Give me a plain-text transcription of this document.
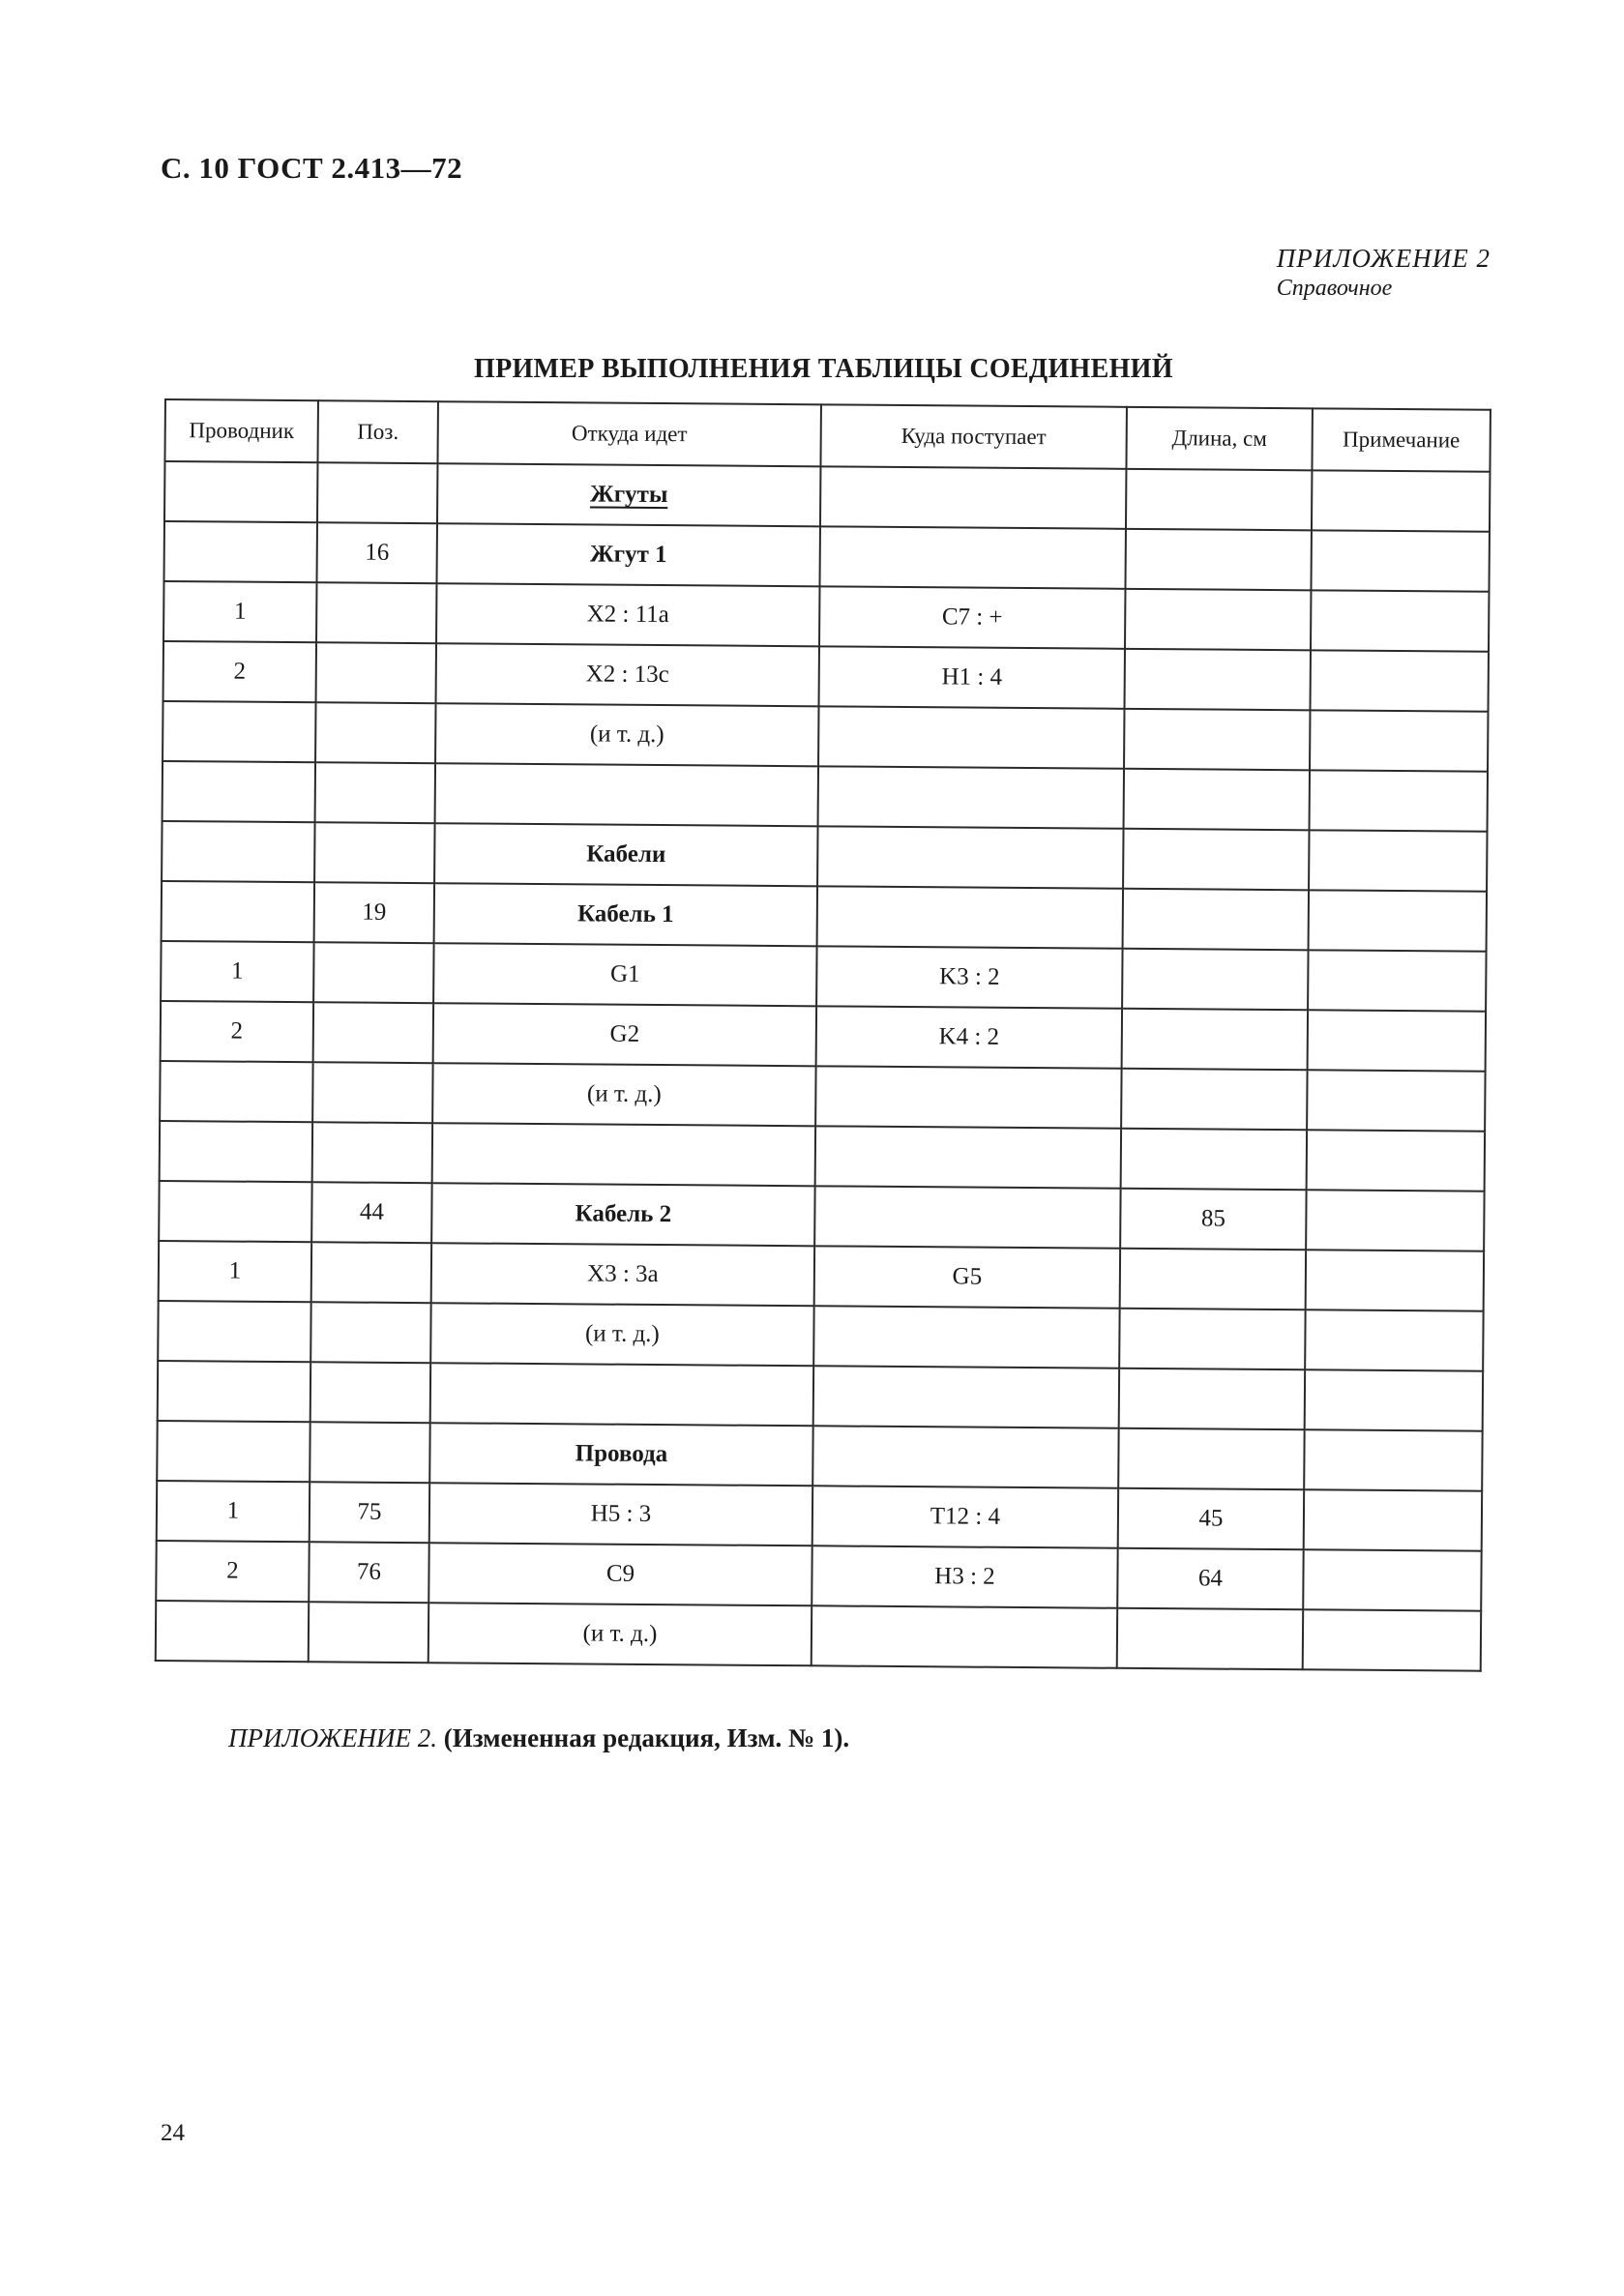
С. 10 ГОСТ 2.413—72
ПРИЛОЖЕНИЕ 2
Справочное
ПРИМЕР ВЫПОЛНЕНИЯ ТАБЛИЦЫ СОЕДИНЕНИЙ
Проводник	Поз.	Откуда идет	Куда поступает	Длина, см	Примечание
		Жгуты			
	16	Жгут 1			
1		X2 : 11a	C7 : +		
2		X2 : 13c	H1 : 4		
		(и т. д.)			

		Кабели			
	19	Кабель 1			
1		G1	K3 : 2		
2		G2	K4 : 2		
		(и т. д.)			

	44	Кабель 2		85	
1		X3 : 3a	G5		
		(и т. д.)			

		Провода			
1	75	H5 : 3	T12 : 4	45	
2	76	C9	H3 : 2	64	
		(и т. д.)			
ПРИЛОЖЕНИЕ 2. (Измененная редакция, Изм. № 1).
24
